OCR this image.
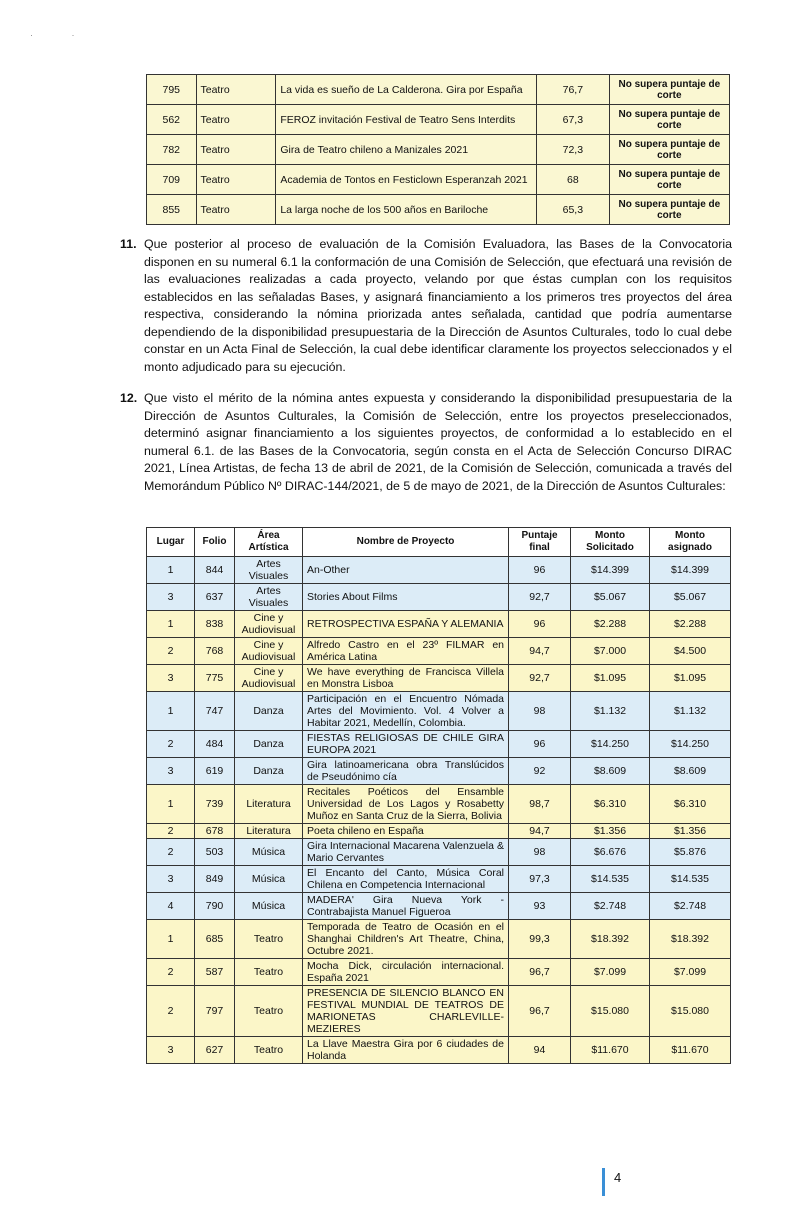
· ·
795	Teatro	La vida es sueño de La Calderona. Gira por España	76,7	No supera puntaje de corte
562	Teatro	FEROZ invitación Festival de Teatro Sens Interdits	67,3	No supera puntaje de corte
782	Teatro	Gira de Teatro chileno a Manizales 2021	72,3	No supera puntaje de corte
709	Teatro	Academia de Tontos en Festiclown Esperanzah 2021	68	No supera puntaje de corte
855	Teatro	La larga noche de los 500 años en Bariloche	65,3	No supera puntaje de corte
11. Que posterior al proceso de evaluación de la Comisión Evaluadora, las Bases de la Convocatoria disponen en su numeral 6.1 la conformación de una Comisión de Selección, que efectuará una revisión de las evaluaciones realizadas a cada proyecto, velando por que éstas cumplan con los requisitos establecidos en las señaladas Bases, y asignará financiamiento a los primeros tres proyectos del área respectiva, considerando la nómina priorizada antes señalada, cantidad que podría aumentarse dependiendo de la disponibilidad presupuestaria de la Dirección de Asuntos Culturales, todo lo cual debe constar en un Acta Final de Selección, la cual debe identificar claramente los proyectos seleccionados y el monto adjudicado para su ejecución.
12. Que visto el mérito de la nómina antes expuesta y considerando la disponibilidad presupuestaria de la Dirección de Asuntos Culturales, la Comisión de Selección, entre los proyectos preseleccionados, determinó asignar financiamiento a los siguientes proyectos, de conformidad a lo establecido en el numeral 6.1. de las Bases de la Convocatoria, según consta en el Acta de Selección Concurso DIRAC 2021, Línea Artistas, de fecha 13 de abril de 2021, de la Comisión de Selección, comunicada a través del Memorándum Público Nº DIRAC-144/2021, de 5 de mayo de 2021, de la Dirección de Asuntos Culturales:
Lugar	Folio	Área Artística	Nombre de Proyecto	Puntaje final	Monto Solicitado	Monto asignado
1	844	Artes Visuales	An-Other	96	$14.399	$14.399
3	637	Artes Visuales	Stories About Films	92,7	$5.067	$5.067
1	838	Cine y Audiovisual	RETROSPECTIVA ESPAÑA Y ALEMANIA	96	$2.288	$2.288
2	768	Cine y Audiovisual	Alfredo Castro en el 23º FILMAR en América Latina	94,7	$7.000	$4.500
3	775	Cine y Audiovisual	We have everything de Francisca Villela en Monstra Lisboa	92,7	$1.095	$1.095
1	747	Danza	Participación en el Encuentro Nómada Artes del Movimiento. Vol. 4 Volver a Habitar 2021, Medellín, Colombia.	98	$1.132	$1.132
2	484	Danza	FIESTAS RELIGIOSAS DE CHILE GIRA EUROPA 2021	96	$14.250	$14.250
3	619	Danza	Gira latinoamericana obra Translúcidos de Pseudónimo cía	92	$8.609	$8.609
1	739	Literatura	Recitales Poéticos del Ensamble Universidad de Los Lagos y Rosabetty Muñoz en Santa Cruz de la Sierra, Bolivia	98,7	$6.310	$6.310
2	678	Literatura	Poeta chileno en España	94,7	$1.356	$1.356
2	503	Música	Gira Internacional Macarena Valenzuela & Mario Cervantes	98	$6.676	$5.876
3	849	Música	El Encanto del Canto, Música Coral Chilena en Competencia Internacional	97,3	$14.535	$14.535
4	790	Música	MADERA' Gira Nueva York - Contrabajista Manuel Figueroa	93	$2.748	$2.748
1	685	Teatro	Temporada de Teatro de Ocasión en el Shanghai Children's Art Theatre, China, Octubre 2021.	99,3	$18.392	$18.392
2	587	Teatro	Mocha Dick, circulación internacional. España 2021	96,7	$7.099	$7.099
2	797	Teatro	PRESENCIA DE SILENCIO BLANCO EN FESTIVAL MUNDIAL DE TEATROS DE MARIONETAS CHARLEVILLE-MEZIERES	96,7	$15.080	$15.080
3	627	Teatro	La Llave Maestra Gira por 6 ciudades de Holanda	94	$11.670	$11.670
4
